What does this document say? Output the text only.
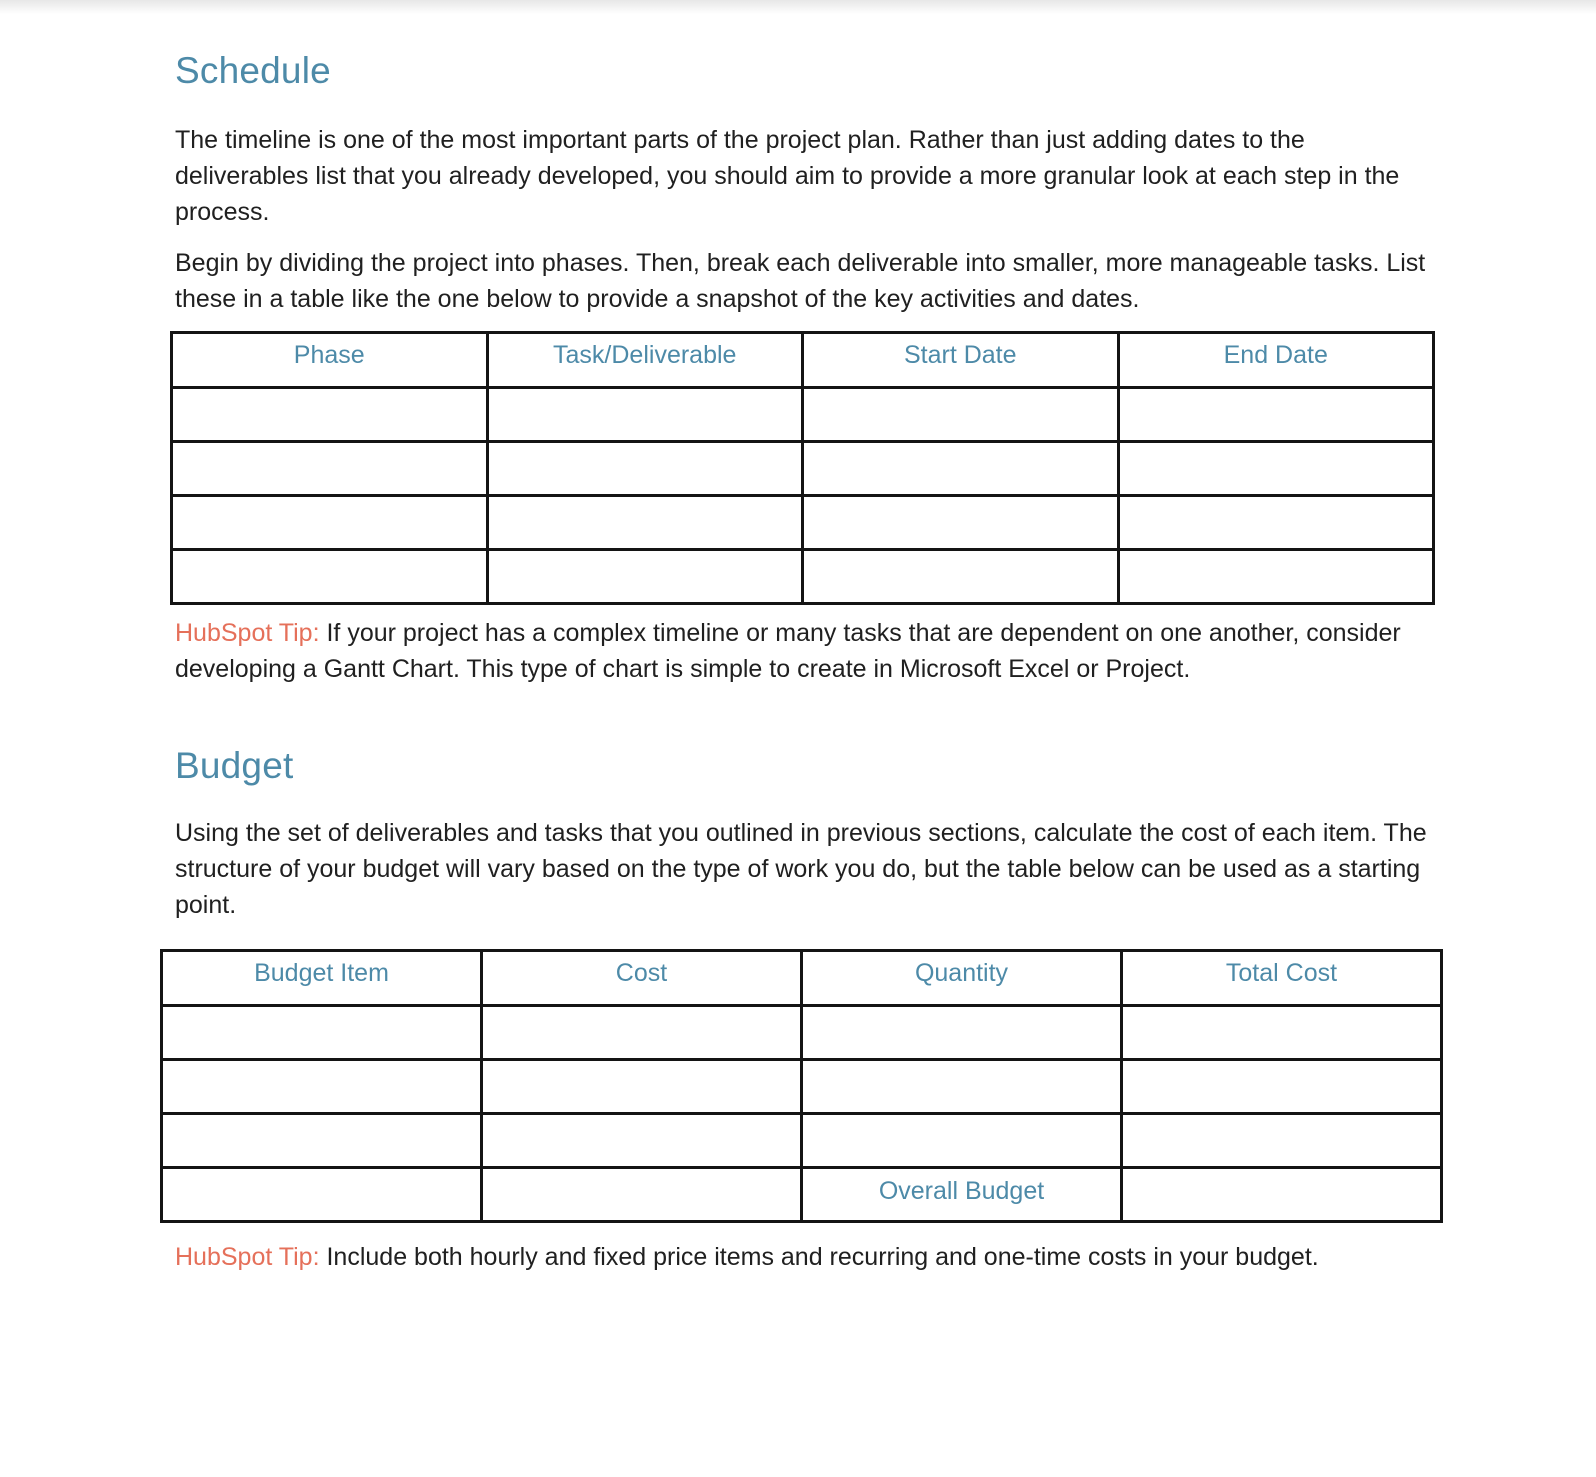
Schedule

The timeline is one of the most important parts of the project plan. Rather than just adding dates to the deliverables list that you already developed, you should aim to provide a more granular look at each step in the process.

Begin by dividing the project into phases. Then, break each deliverable into smaller, more manageable tasks. List these in a table like the one below to provide a snapshot of the key activities and dates.

Phase	Task/Deliverable	Start Date	End Date

HubSpot Tip: If your project has a complex timeline or many tasks that are dependent on one another, consider developing a Gantt Chart. This type of chart is simple to create in Microsoft Excel or Project.

Budget

Using the set of deliverables and tasks that you outlined in previous sections, calculate the cost of each item. The structure of your budget will vary based on the type of work you do, but the table below can be used as a starting point.

Budget Item	Cost	Quantity	Total Cost

		Overall Budget	

HubSpot Tip: Include both hourly and fixed price items and recurring and one-time costs in your budget.
